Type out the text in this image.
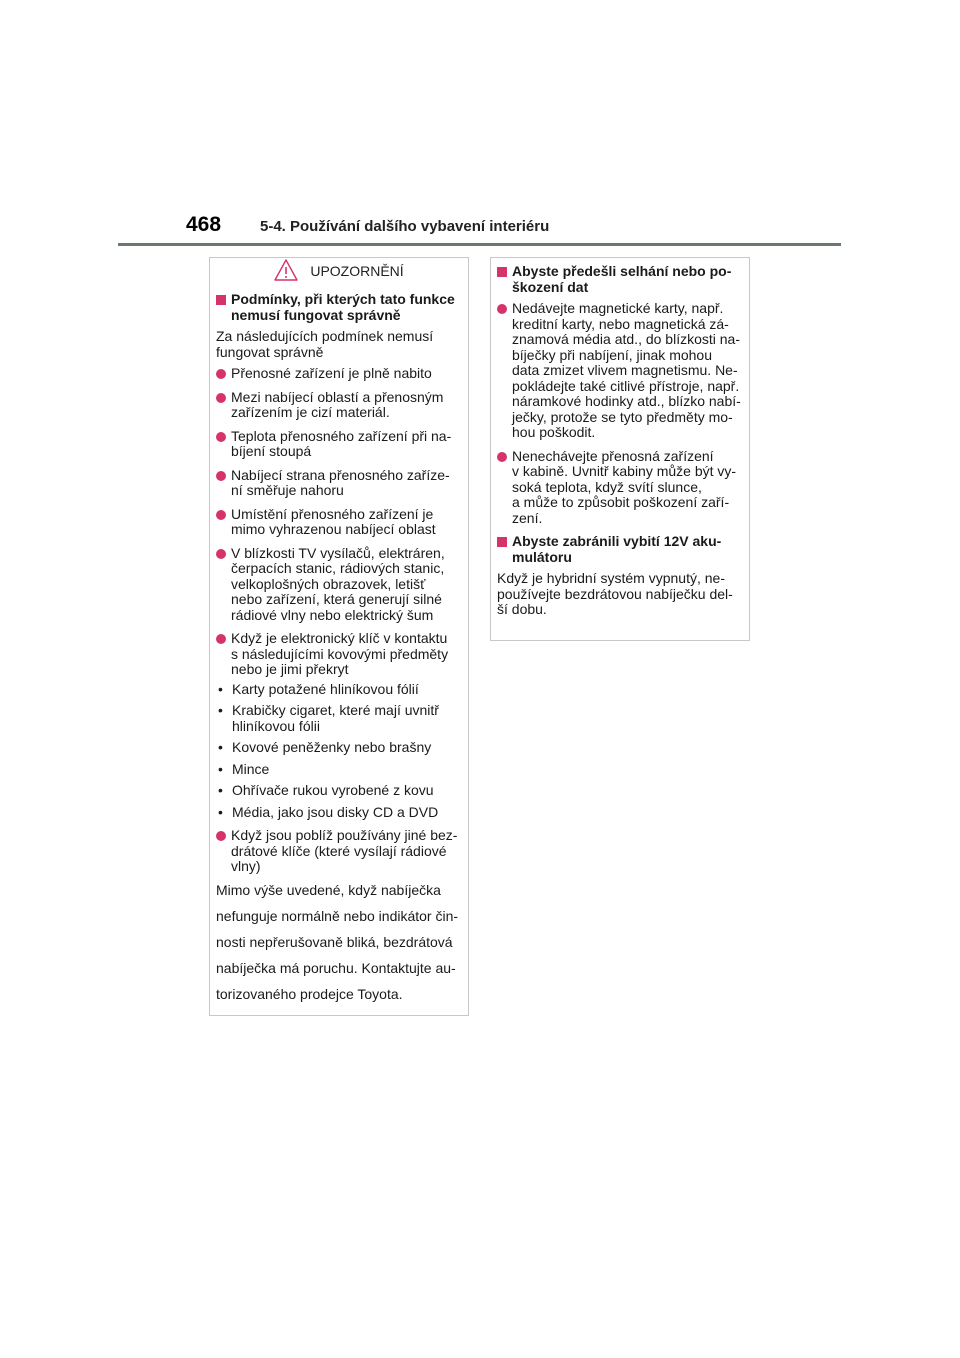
468	5-4. Používání dalšího vybavení interiéru
UPOZORNĚNÍ
Podmínky, při kterých tato funkce
nemusí fungovat správně
Za následujících podmínek nemusí
fungovat správně
Přenosné zařízení je plně nabito
Mezi nabíjecí oblastí a přenosným
zařízením je cizí materiál.
Teplota přenosného zařízení při na-
bíjení stoupá
Nabíjecí strana přenosného zaříze-
ní směřuje nahoru
Umístění přenosného zařízení je
mimo vyhrazenou nabíjecí oblast
V blízkosti TV vysílačů, elektráren,
čerpacích stanic, rádiových stanic,
velkoplošných obrazovek, letišť
nebo zařízení, která generují silné
rádiové vlny nebo elektrický šum
Když je elektronický klíč v kontaktu
s následujícími kovovými předměty
nebo je jimi překryt
• Karty potažené hliníkovou fólií
• Krabičky cigaret, které mají uvnitř
hliníkovou fólii
• Kovové peněženky nebo brašny
• Mince
• Ohřívače rukou vyrobené z kovu
• Média, jako jsou disky CD a DVD
Když jsou poblíž používány jiné bez-
drátové klíče (které vysílají rádiové
vlny)
Mimo výše uvedené, když nabíječka
nefunguje normálně nebo indikátor čin-
nosti nepřerušovaně bliká, bezdrátová
nabíječka má poruchu. Kontaktujte au-
torizovaného prodejce Toyota.
Abyste předešli selhání nebo po-
škození dat
Nedávejte magnetické karty, např.
kreditní karty, nebo magnetická zá-
znamová média atd., do blízkosti na-
bíječky při nabíjení, jinak mohou
data zmizet vlivem magnetismu. Ne-
pokládejte také citlivé přístroje, např.
náramkové hodinky atd., blízko nabí-
ječky, protože se tyto předměty mo-
hou poškodit.
Nenechávejte přenosná zařízení
v kabině. Uvnitř kabiny může být vy-
soká teplota, když svítí slunce,
a může to způsobit poškození zaří-
zení.
Abyste zabránili vybití 12V aku-
mulátoru
Když je hybridní systém vypnutý, ne-
používejte bezdrátovou nabíječku del-
ší dobu.
